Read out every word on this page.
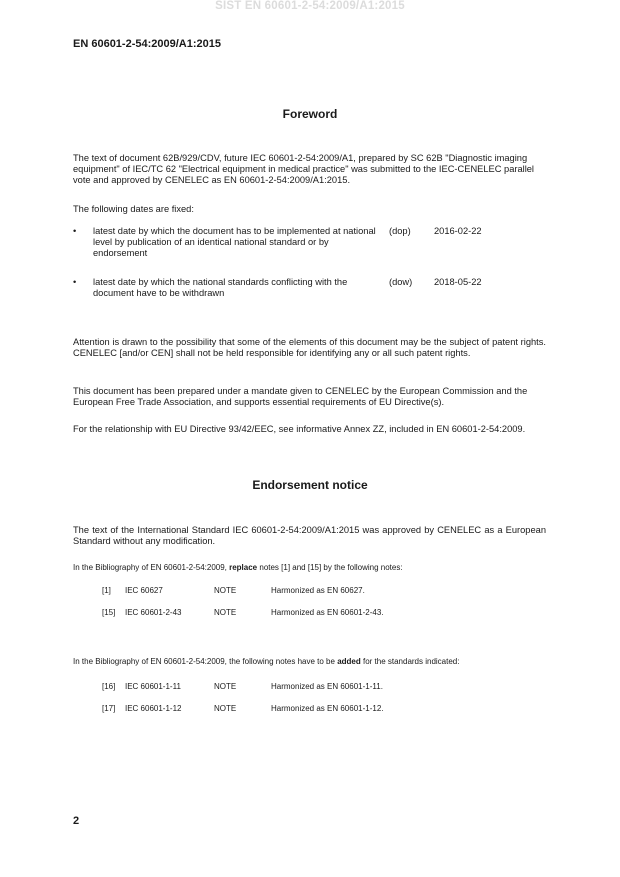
SIST EN 60601-2-54:2009/A1:2015
EN 60601-2-54:2009/A1:2015
Foreword
The text of document 62B/929/CDV, future IEC 60601-2-54:2009/A1, prepared by SC 62B "Diagnostic imaging equipment" of IEC/TC 62 "Electrical equipment in medical practice" was submitted to the IEC-CENELEC parallel vote and approved by CENELEC as EN 60601-2-54:2009/A1:2015.
The following dates are fixed:
• latest date by which the document has to be implemented at national level by publication of an identical national standard or by endorsement
(dop)	2016-02-22
• latest date by which the national standards conflicting with the document have to be withdrawn
(dow) 2018-05-22
Attention is drawn to the possibility that some of the elements of this document may be the subject of patent rights. CENELEC [and/or CEN] shall not be held responsible for identifying any or all such patent rights.
This document has been prepared under a mandate given to CENELEC by the European Commission and the European Free Trade Association, and supports essential requirements of EU Directive(s).
For the relationship with EU Directive 93/42/EEC, see informative Annex ZZ, included in EN 60601-2-54:2009.
Endorsement notice
The text of the International Standard IEC 60601-2-54:2009/A1:2015 was approved by CENELEC as a European Standard without any modification.
In the Bibliography of EN 60601-2-54:2009, replace notes [1] and [15] by the following notes:
[1] IEC 60627	NOTE	Harmonized as EN 60627.
[15] IEC 60601-2-43	NOTE	Harmonized as EN 60601-2-43.
In the Bibliography of EN 60601-2-54:2009, the following notes have to be added for the standards indicated:
[16] IEC 60601-1-11	NOTE	Harmonized as EN 60601-1-11.
[17] IEC 60601-1-12	NOTE	Harmonized as EN 60601-1-12.
2
